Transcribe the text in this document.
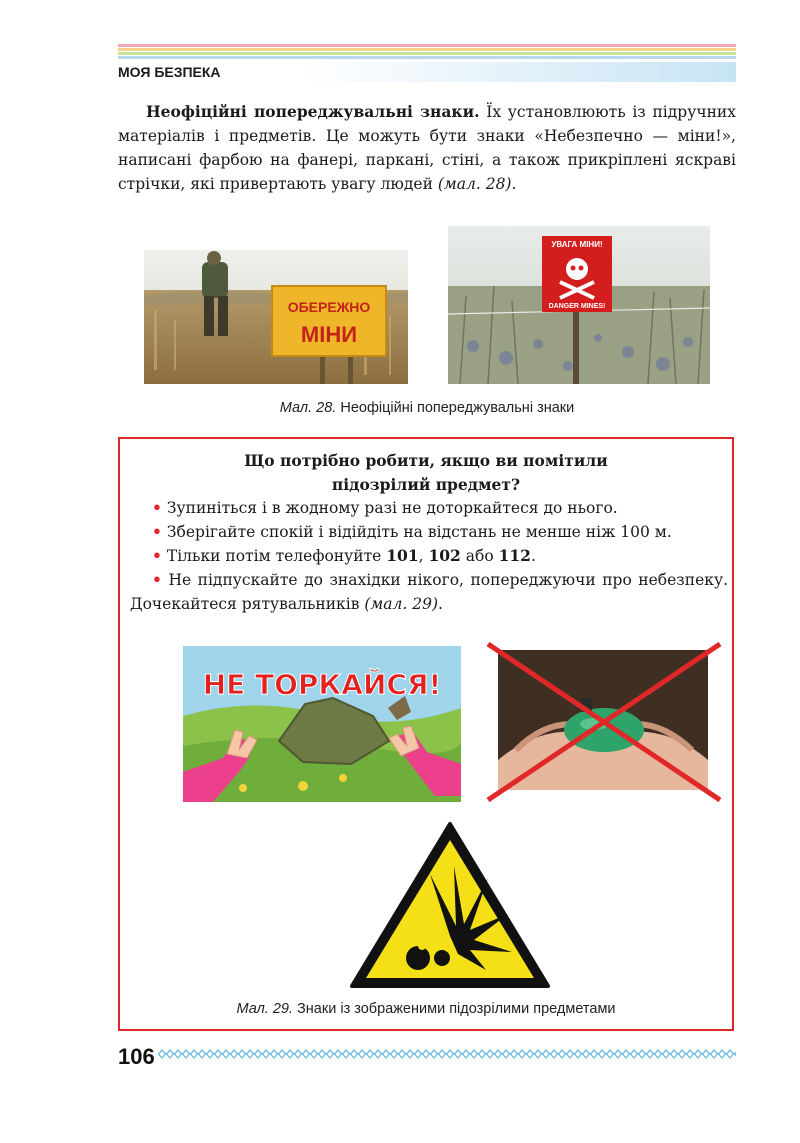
МОЯ БЕЗПЕКА
Неофіційні попереджувальні знаки. Їх установлюють із підручних матеріалів і предметів. Це можуть бути знаки «Небезпечно — міни!», написані фарбою на фанері, паркані, стіні, а також прикріплені яскраві стрічки, які привертають увагу людей (мал. 28).
ОБЕРЕЖНО
МІНИ
УВАГА МІНИ!
DANGER MINES!
Мал. 28. Неофіційні попереджувальні знаки
Що потрібно робити, якщо ви помітили
підозрілий предмет?
• Зупиніться і в жодному разі не доторкайтеся до нього.
• Зберігайте спокій і відійдіть на відстань не менше ніж 100 м.
• Тільки потім телефонуйте 101, 102 або 112.
• Не підпускайте до знахідки нікого, попереджуючи про небезпеку. Дочекайтеся рятувальників (мал. 29).
НЕ ТОРКАЙСЯ!
Мал. 29. Знаки із зображеними підозрілими предметами
106
